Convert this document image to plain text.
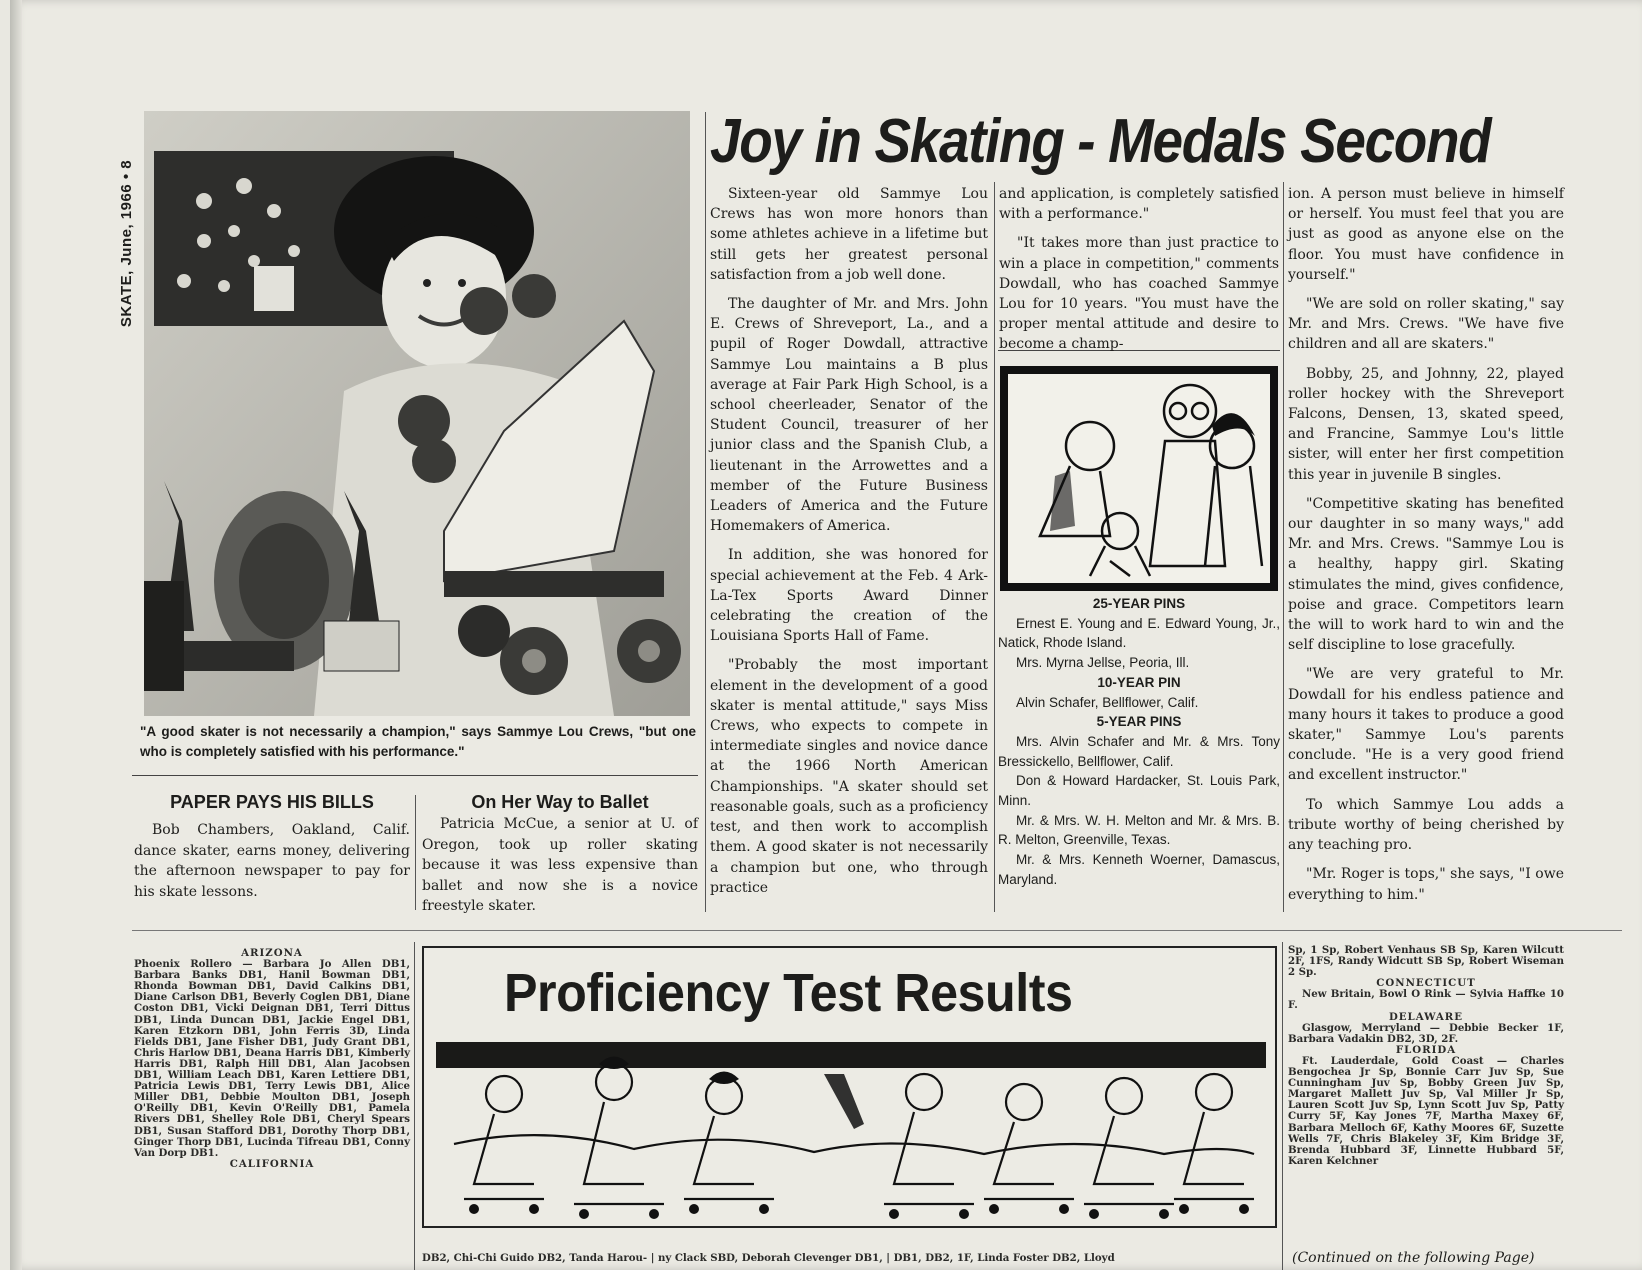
SKATE, June, 1966 • 8
"A good skater is not necessarily a champion," says Sammye Lou Crews, "but one who is completely satisfied with his performance."
Joy in Skating - Medals Second

Sixteen-year old Sammye Lou Crews has won more honors than some athletes achieve in a lifetime but still gets her greatest personal satisfaction from a job well done.

The daughter of Mr. and Mrs. John E. Crews of Shreveport, La., and a pupil of Roger Dowdall, attractive Sammye Lou maintains a B plus average at Fair Park High School, is a school cheerleader, Senator of the Student Council, treasurer of her junior class and the Spanish Club, a lieutenant in the Arrowettes and a member of the Future Business Leaders of America and the Future Homemakers of America.

In addition, she was honored for special achievement at the Feb. 4 Ark-La-Tex Sports Award Dinner celebrating the creation of the Louisiana Sports Hall of Fame.

"Probably the most important element in the development of a good skater is mental attitude," says Miss Crews, who expects to compete in intermediate singles and novice dance at the 1966 North American Championships. "A skater should set reasonable goals, such as a proficiency test, and then work to accomplish them. A good skater is not necessarily a champion but one, who through practice

and application, is completely satisfied with a performance."

"It takes more than just practice to win a place in competition," comments Dowdall, who has coached Sammye Lou for 10 years. "You must have the proper mental attitude and desire to become a champ-

25-YEAR PINS
Ernest E. Young and E. Edward Young, Jr., Natick, Rhode Island.
Mrs. Myrna Jellse, Peoria, Ill.
10-YEAR PIN
Alvin Schafer, Bellflower, Calif.
5-YEAR PINS
Mrs. Alvin Schafer and Mr. & Mrs. Tony Bressickello, Bellflower, Calif.
Don & Howard Hardacker, St. Louis Park, Minn.
Mr. & Mrs. W. H. Melton and Mr. & Mrs. B. R. Melton, Greenville, Texas.
Mr. & Mrs. Kenneth Woerner, Damascus, Maryland.

ion. A person must believe in himself or herself. You must feel that you are just as good as anyone else on the floor. You must have confidence in yourself."

"We are sold on roller skating," say Mr. and Mrs. Crews. "We have five children and all are skaters."

Bobby, 25, and Johnny, 22, played roller hockey with the Shreveport Falcons, Densen, 13, skated speed, and Francine, Sammye Lou's little sister, will enter her first competition this year in juvenile B singles.

"Competitive skating has benefited our daughter in so many ways," add Mr. and Mrs. Crews. "Sammye Lou is a healthy, happy girl. Skating stimulates the mind, gives confidence, poise and grace. Competitors learn the will to work hard to win and the self discipline to lose gracefully.

"We are very grateful to Mr. Dowdall for his endless patience and many hours it takes to produce a good skater," Sammye Lou's parents conclude. "He is a very good friend and excellent instructor."

To which Sammye Lou adds a tribute worthy of being cherished by any teaching pro.

"Mr. Roger is tops," she says, "I owe everything to him."

PAPER PAYS HIS BILLS

Bob Chambers, Oakland, Calif. dance skater, earns money, delivering the afternoon newspaper to pay for his skate lessons.

On Her Way to Ballet

Patricia McCue, a senior at U. of Oregon, took up roller skating because it was less expensive than ballet and now she is a novice freestyle skater.

ARIZONA
Phoenix Rollero — Barbara Jo Allen DB1, Barbara Banks DB1, Hanil Bowman DB1, Rhonda Bowman DB1, David Calkins DB1, Diane Carlson DB1, Beverly Coglen DB1, Diane Coston DB1, Vicki Deignan DB1, Terri Dittus DB1, Linda Duncan DB1, Jackie Engel DB1, Karen Etzkorn DB1, John Ferris 3D, Linda Fields DB1, Jane Fisher DB1, Judy Grant DB1, Chris Harlow DB1, Deana Harris DB1, Kimberly Harris DB1, Ralph Hill DB1, Alan Jacobsen DB1, William Leach DB1, Karen Lettiere DB1, Patricia Lewis DB1, Terry Lewis DB1, Alice Miller DB1, Debbie Moulton DB1, Joseph O'Reilly DB1, Kevin O'Reilly DB1, Pamela Rivers DB1, Shelley Role DB1, Cheryl Spears DB1, Susan Stafford DB1, Dorothy Thorp DB1, Ginger Thorp DB1, Lucinda Tifreau DB1, Conny Van Dorp DB1.
CALIFORNIA
Proficiency Test Results
Sp, 1 Sp, Robert Venhaus SB Sp, Karen Wilcutt 2F, 1FS, Randy Widcutt SB Sp, Robert Wiseman 2 Sp.
CONNECTICUT
New Britain, Bowl O Rink — Sylvia Haffke 10 F.
DELAWARE
Glasgow, Merryland — Debbie Becker 1F, Barbara Vadakin DB2, 3D, 2F.
FLORIDA
Ft. Lauderdale, Gold Coast — Charles Bengochea Jr Sp, Bonnie Carr Juv Sp, Sue Cunningham Juv Sp, Bobby Green Juv Sp, Margaret Mallett Juv Sp, Val Miller Jr Sp, Lauren Scott Juv Sp, Lynn Scott Juv Sp, Patty Curry 5F, Kay Jones 7F, Martha Maxey 6F, Barbara Melloch 6F, Kathy Moores 6F, Suzette Wells 7F, Chris Blakeley 3F, Kim Bridge 3F, Brenda Hubbard 3F, Linnette Hubbard 5F, Karen Kelchner
DB2, Chi-Chi Guido DB2, Tanda Harou- | ny Clack SBD, Deborah Clevenger DB1, | DB1, DB2, 1F, Linda Foster DB2, Lloyd	(Continued on the following Page)
